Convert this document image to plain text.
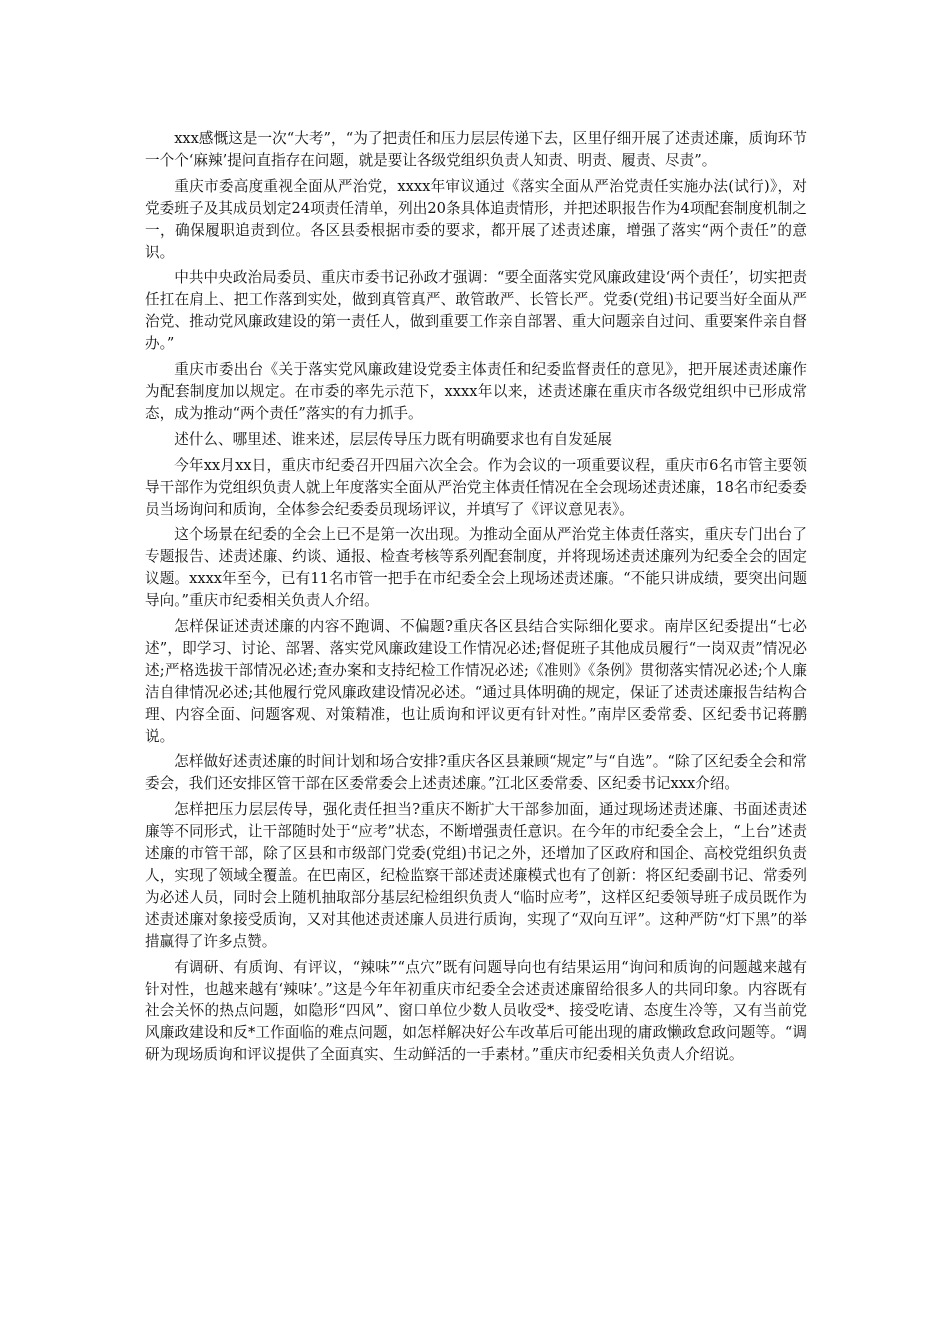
xxx感慨这是一次“大考”，“为了把责任和压力层层传递下去，区里仔细开展了述责述廉，质询环节一个个‘麻辣’提问直指存在问题，就是要让各级党组织负责人知责、明责、履责、尽责”。

重庆市委高度重视全面从严治党，xxxx年审议通过《落实全面从严治党责任实施办法(试行)》，对党委班子及其成员划定24项责任清单，列出20条具体追责情形，并把述职报告作为4项配套制度机制之一，确保履职追责到位。各区县委根据市委的要求，都开展了述责述廉，增强了落实“两个责任”的意识。

中共中央政治局委员、重庆市委书记孙政才强调：“要全面落实党风廉政建设‘两个责任’，切实把责任扛在肩上、把工作落到实处，做到真管真严、敢管敢严、长管长严。党委(党组)书记要当好全面从严治党、推动党风廉政建设的第一责任人，做到重要工作亲自部署、重大问题亲自过问、重要案件亲自督办。”

重庆市委出台《关于落实党风廉政建设党委主体责任和纪委监督责任的意见》，把开展述责述廉作为配套制度加以规定。在市委的率先示范下，xxxx年以来，述责述廉在重庆市各级党组织中已形成常态，成为推动“两个责任”落实的有力抓手。

述什么、哪里述、谁来述，层层传导压力既有明确要求也有自发延展

今年xx月xx日，重庆市纪委召开四届六次全会。作为会议的一项重要议程，重庆市6名市管主要领导干部作为党组织负责人就上年度落实全面从严治党主体责任情况在全会现场述责述廉，18名市纪委委员当场询问和质询，全体参会纪委委员现场评议，并填写了《评议意见表》。

这个场景在纪委的全会上已不是第一次出现。为推动全面从严治党主体责任落实，重庆专门出台了专题报告、述责述廉、约谈、通报、检查考核等系列配套制度，并将现场述责述廉列为纪委全会的固定议题。xxxx年至今，已有11名市管一把手在市纪委全会上现场述责述廉。“不能只讲成绩，要突出问题导向。”重庆市纪委相关负责人介绍。

怎样保证述责述廉的内容不跑调、不偏题?重庆各区县结合实际细化要求。南岸区纪委提出“七必述”，即学习、讨论、部署、落实党风廉政建设工作情况必述;督促班子其他成员履行“一岗双责”情况必述;严格选拔干部情况必述;查办案和支持纪检工作情况必述;《准则》《条例》贯彻落实情况必述;个人廉洁自律情况必述;其他履行党风廉政建设情况必述。“通过具体明确的规定，保证了述责述廉报告结构合理、内容全面、问题客观、对策精准，也让质询和评议更有针对性。”南岸区委常委、区纪委书记蒋鹏说。

怎样做好述责述廉的时间计划和场合安排?重庆各区县兼顾“规定”与“自选”。“除了区纪委全会和常委会，我们还安排区管干部在区委常委会上述责述廉。”江北区委常委、区纪委书记xxx介绍。

怎样把压力层层传导，强化责任担当?重庆不断扩大干部参加面，通过现场述责述廉、书面述责述廉等不同形式，让干部随时处于“应考”状态，不断增强责任意识。在今年的市纪委全会上，“上台”述责述廉的市管干部，除了区县和市级部门党委(党组)书记之外，还增加了区政府和国企、高校党组织负责人，实现了领域全覆盖。在巴南区，纪检监察干部述责述廉模式也有了创新：将区纪委副书记、常委列为必述人员，同时会上随机抽取部分基层纪检组织负责人“临时应考”，这样区纪委领导班子成员既作为述责述廉对象接受质询，又对其他述责述廉人员进行质询，实现了“双向互评”。这种严防“灯下黑”的举措赢得了许多点赞。

有调研、有质询、有评议，“辣味”“点穴”既有问题导向也有结果运用“询问和质询的问题越来越有针对性，也越来越有‘辣味’。”这是今年年初重庆市纪委全会述责述廉留给很多人的共同印象。内容既有社会关怀的热点问题，如隐形“四风”、窗口单位少数人员收受*、接受吃请、态度生冷等，又有当前党风廉政建设和反*工作面临的难点问题，如怎样解决好公车改革后可能出现的庸政懒政怠政问题等。“调研为现场质询和评议提供了全面真实、生动鲜活的一手素材。”重庆市纪委相关负责人介绍说。
